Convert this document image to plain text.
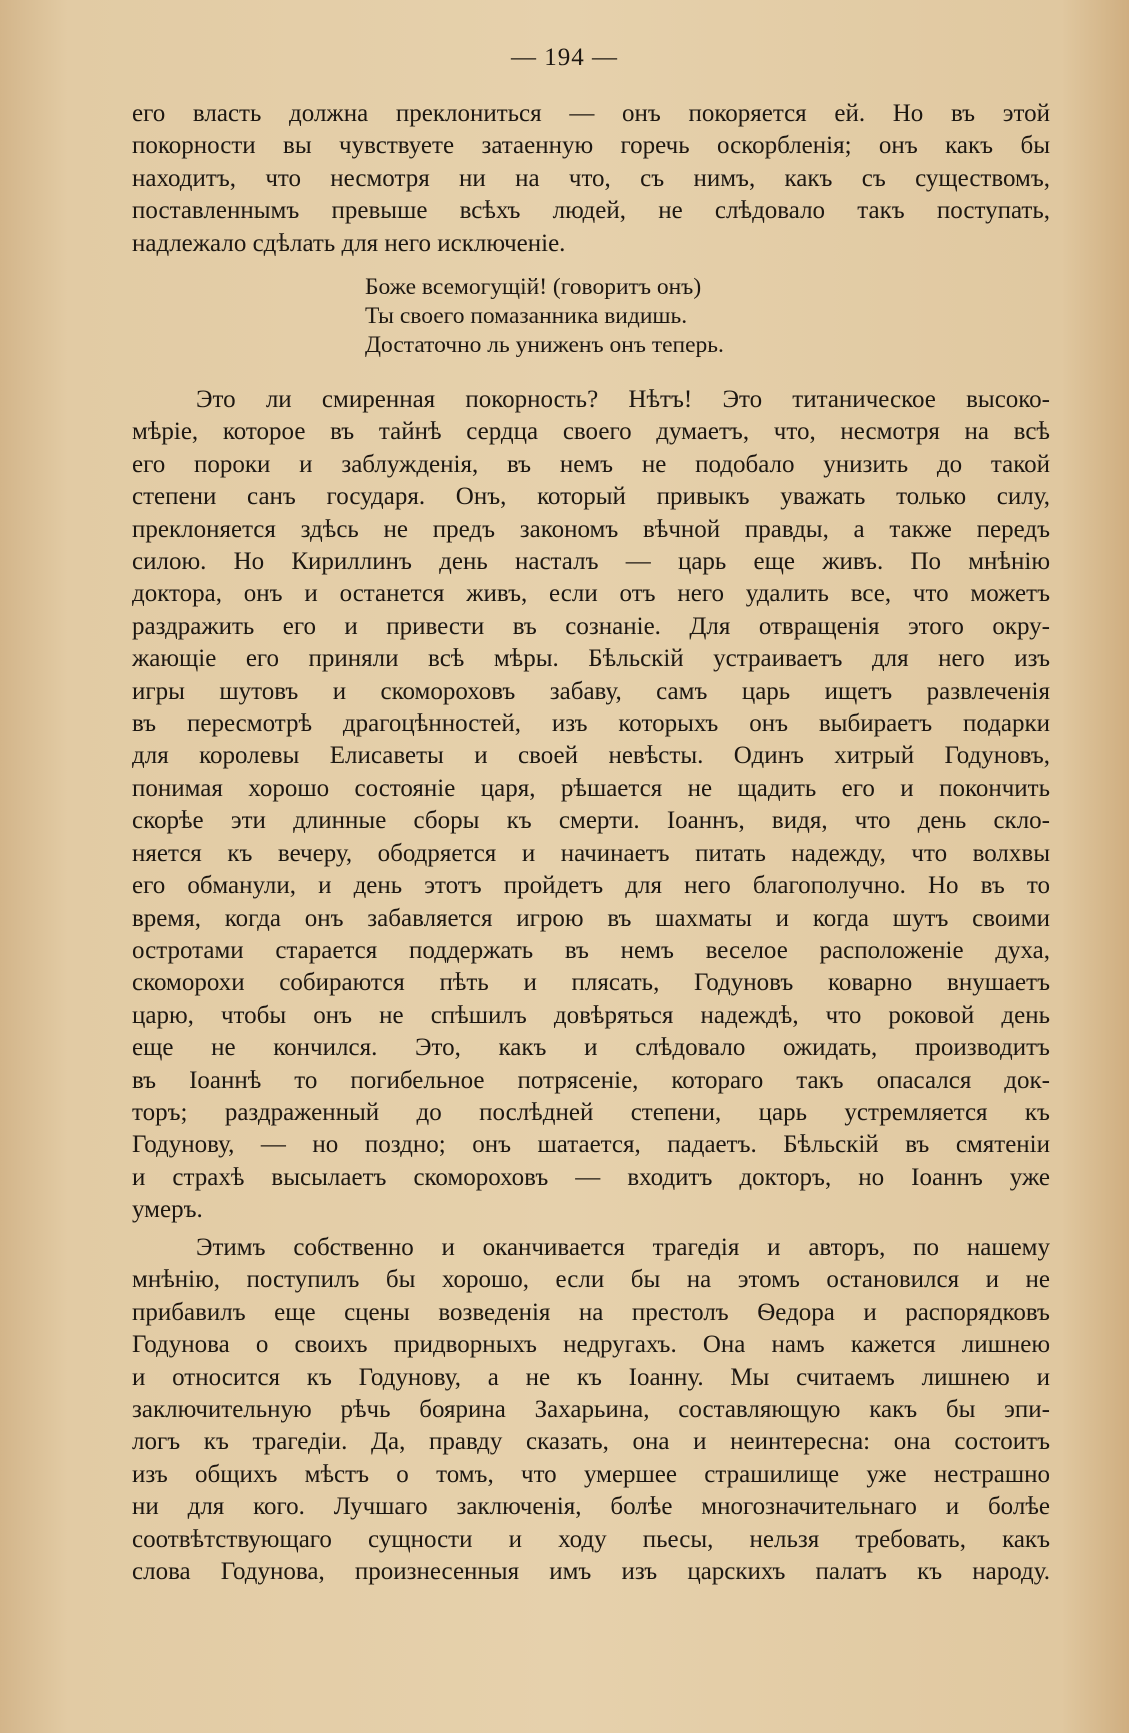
— 194 —
его власть должна преклониться — онъ покоряется ей. Но въ этой
покорности вы чувствуете затаенную горечь оскорбленія; онъ какъ бы
находитъ, что несмотря ни на что, съ нимъ, какъ съ существомъ,
поставленнымъ превыше всѣхъ людей, не слѣдовало такъ поступать,
надлежало сдѣлать для него исключеніе.
Боже всемогущій! (говоритъ онъ)
Ты своего помазанника видишь.
Достаточно ль униженъ онъ теперь.
Это ли смиренная покорность? Нѣтъ! Это титаническое высоко-
мѣріе, которое въ тайнѣ сердца своего думаетъ, что, несмотря на всѣ
его пороки и заблужденія, въ немъ не подобало унизить до такой
степени санъ государя. Онъ, который привыкъ уважать только силу,
преклоняется здѣсь не предъ закономъ вѣчной правды, а также передъ
силою. Но Кириллинъ день насталъ — царь еще живъ. По мнѣнію
доктора, онъ и останется живъ, если отъ него удалить все, что можетъ
раздражить его и привести въ сознаніе. Для отвращенія этого окру-
жающіе его приняли всѣ мѣры. Бѣльскій устраиваетъ для него изъ
игры шутовъ и скомороховъ забаву, самъ царь ищетъ развлеченія
въ пересмотрѣ драгоцѣнностей, изъ которыхъ онъ выбираетъ подарки
для королевы Елисаветы и своей невѣсты. Одинъ хитрый Годуновъ,
понимая хорошо состояніе царя, рѣшается не щадить его и покончить
скорѣе эти длинные сборы къ смерти. Іоаннъ, видя, что день скло-
няется къ вечеру, ободряется и начинаетъ питать надежду, что волхвы
его обманули, и день этотъ пройдетъ для него благополучно. Но въ то
время, когда онъ забавляется игрою въ шахматы и когда шутъ своими
остротами старается поддержать въ немъ веселое расположеніе духа,
скоморохи собираются пѣть и плясать, Годуновъ коварно внушаетъ
царю, чтобы онъ не спѣшилъ довѣряться надеждѣ, что роковой день
еще не кончился. Это, какъ и слѣдовало ожидать, производитъ
въ Іоаннѣ то погибельное потрясеніе, котораго такъ опасался док-
торъ; раздраженный до послѣдней степени, царь устремляется къ
Годунову, — но поздно; онъ шатается, падаетъ. Бѣльскій въ смятеніи
и страхѣ высылаетъ скомороховъ — входитъ докторъ, но Іоаннъ уже
умеръ.
Этимъ собственно и оканчивается трагедія и авторъ, по нашему
мнѣнію, поступилъ бы хорошо, если бы на этомъ остановился и не
прибавилъ еще сцены возведенія на престолъ Ѳедора и распорядковъ
Годунова о своихъ придворныхъ недругахъ. Она намъ кажется лишнею
и относится къ Годунову, а не къ Іоанну. Мы считаемъ лишнею и
заключительную рѣчь боярина Захарьина, составляющую какъ бы эпи-
логъ къ трагедіи. Да, правду сказать, она и неинтересна: она состоитъ
изъ общихъ мѣстъ о томъ, что умершее страшилище уже нестрашно
ни для кого. Лучшаго заключенія, болѣе многозначительнаго и болѣе
соотвѣтствующаго сущности и ходу пьесы, нельзя требовать, какъ
слова Годунова, произнесенныя имъ изъ царскихъ палатъ къ народу.
